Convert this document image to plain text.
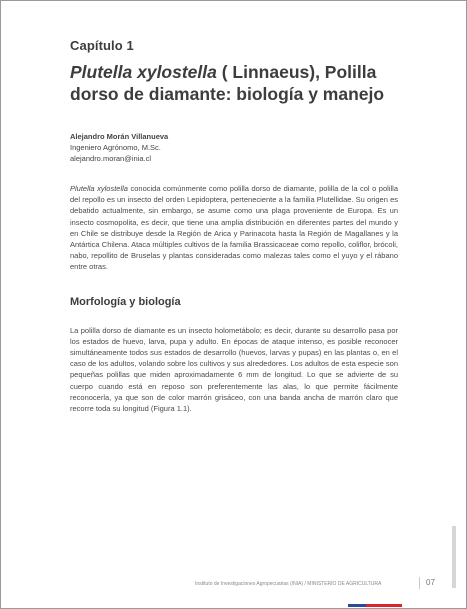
Capítulo 1
Plutella xylostella ( Linnaeus), Polilla dorso de diamante: biología y manejo
Alejandro Morán Villanueva
Ingeniero Agrónomo, M.Sc.
alejandro.moran@inia.cl

Plutella xylostella conocida comúnmente como polilla dorso de diamante, polilla de la col o polilla del repollo es un insecto del orden Lepidoptera, perteneciente a la familia Plutellidae. Su origen es debatido actualmente, sin embargo, se asume como una plaga proveniente de Europa. Es un insecto cosmopolita, es decir, que tiene una amplia distribución en diferentes partes del mundo y en Chile se distribuye desde la Región de Arica y Parinacota hasta la Región de Magallanes y la Antártica Chilena. Ataca múltiples cultivos de la familia Brassicaceae como repollo, coliflor, brócoli, nabo, repollito de Bruselas y plantas consideradas como malezas tales como el yuyo y el rábano entre otras.

Morfología y biología

La polilla dorso de diamante es un insecto holometábolo; es decir, durante su desarrollo pasa por los estados de huevo, larva, pupa y adulto. En épocas de ataque intenso, es posible reconocer simultáneamente todos sus estados de desarrollo (huevos, larvas y pupas) en las plantas o, en el caso de los adultos, volando sobre los cultivos y sus alrededores. Los adultos de esta especie son pequeñas polillas que miden aproximadamente 6 mm de longitud. Lo que se advierte de su cuerpo cuando está en reposo son preferentemente las alas, lo que permite fácilmente reconocerla, ya que son de color marrón grisáceo, con una banda ancha de marrón claro que recorre toda su longitud (Figura 1.1).

Instituto de Investigaciones Agropecuarias (INIA) / MINISTERIO DE AGRICULTURA	07
